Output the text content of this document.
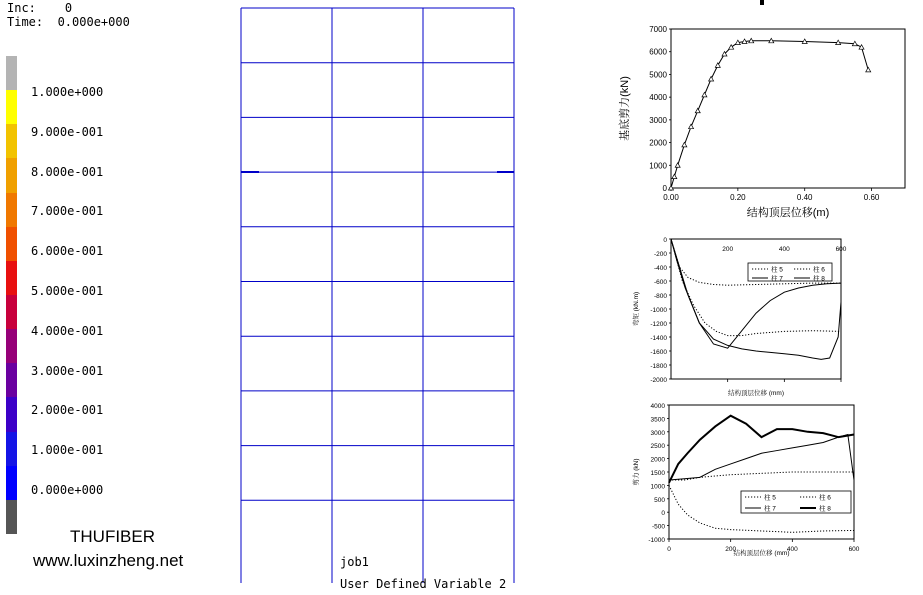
Inc: 0
Time: 0.000e+000
1.000e+000
9.000e-001
8.000e-001
7.000e-001
6.000e-001
5.000e-001
4.000e-001
3.000e-001
2.000e-001
1.000e-001
0.000e+000
THUFIBER
www.luxinzheng.net	job1
User Defined Variable 2
0
1000
2000
3000
4000
5000
6000
7000
0.00	0.20	0.40	0.60
结构顶层位移(m)
基底剪力(kN)
0
-200
-400
-600
-800
-1000
-1200
-1400
-1600
-1800
-2000
200	400	600
结构顶层位移 (mm)
弯矩 (kN.m)
柱 5	柱 6
柱 7	柱 8
4000
3500
3000
2500
2000
1500
1000
500
0
-500
-1000
0	200	400	600
结构顶层位移 (mm)
剪力 (kN)
柱 5	柱 6
柱 7	柱 8
